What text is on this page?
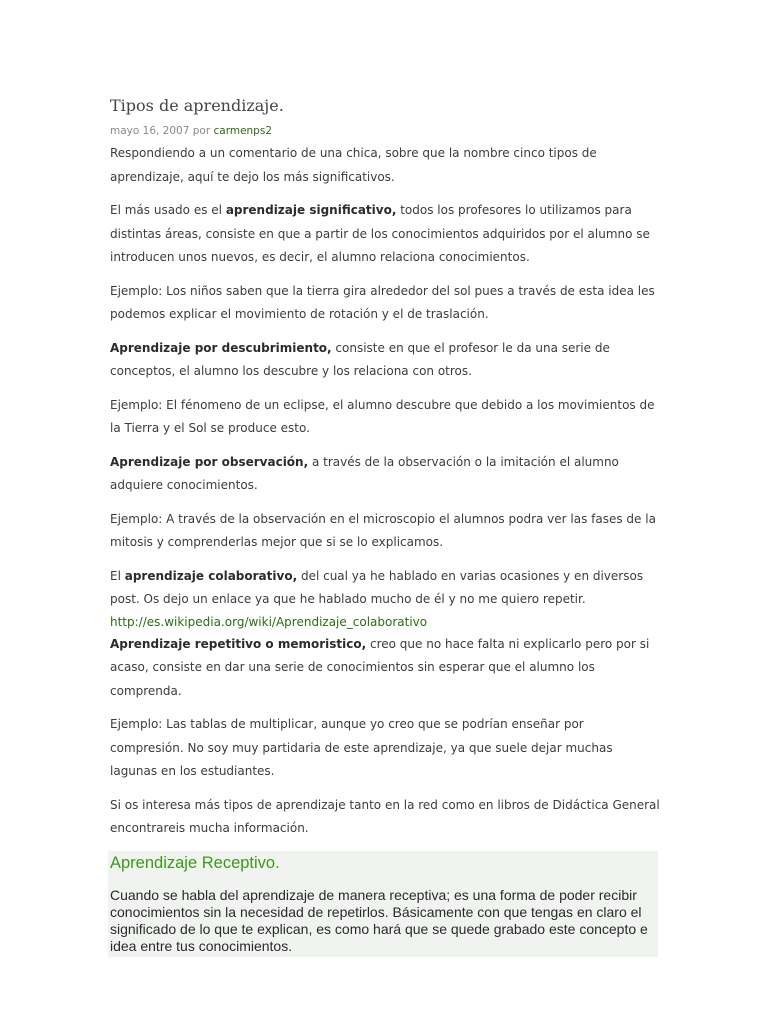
Tipos de aprendizaje.
mayo 16, 2007 por carmenps2

Respondiendo a un comentario de una chica, sobre que la nombre cinco tipos de aprendizaje, aquí te dejo los más significativos.

El más usado es el aprendizaje significativo, todos los profesores lo utilizamos para distintas áreas, consiste en que a partir de los conocimientos adquiridos por el alumno se introducen unos nuevos, es decir, el alumno relaciona conocimientos.

Ejemplo: Los niños saben que la tierra gira alrededor del sol pues a través de esta idea les podemos explicar el movimiento de rotación y el de traslación.

Aprendizaje por descubrimiento, consiste en que el profesor le da una serie de conceptos, el alumno los descubre y los relaciona con otros.

Ejemplo: El fénomeno de un eclipse, el alumno descubre que debido a los movimientos de la Tierra y el Sol se produce esto.

Aprendizaje por observación, a través de la observación o la imitación el alumno adquiere conocimientos.

Ejemplo: A través de la observación en el microscopio el alumnos podra ver las fases de la mitosis y comprenderlas mejor que si se lo explicamos.

El aprendizaje colaborativo, del cual ya he hablado en varias ocasiones y en diversos post. Os dejo un enlace ya que he hablado mucho de él y no me quiero repetir.

http://es.wikipedia.org/wiki/Aprendizaje_colaborativo

Aprendizaje repetitivo o memoristico, creo que no hace falta ni explicarlo pero por si acaso, consiste en dar una serie de conocimientos sin esperar que el alumno los comprenda.

Ejemplo: Las tablas de multiplicar, aunque yo creo que se podrían enseñar por compresión. No soy muy partidaria de este aprendizaje, ya que suele dejar muchas lagunas en los estudiantes.

Si os interesa más tipos de aprendizaje tanto en la red como en libros de Didáctica General encontrareis mucha información.

Aprendizaje Receptivo.

Cuando se habla del aprendizaje de manera receptiva; es una forma de poder recibir conocimientos sin la necesidad de repetirlos. Básicamente con que tengas en claro el significado de lo que te explican, es como hará que se quede grabado este concepto e idea entre tus conocimientos.
